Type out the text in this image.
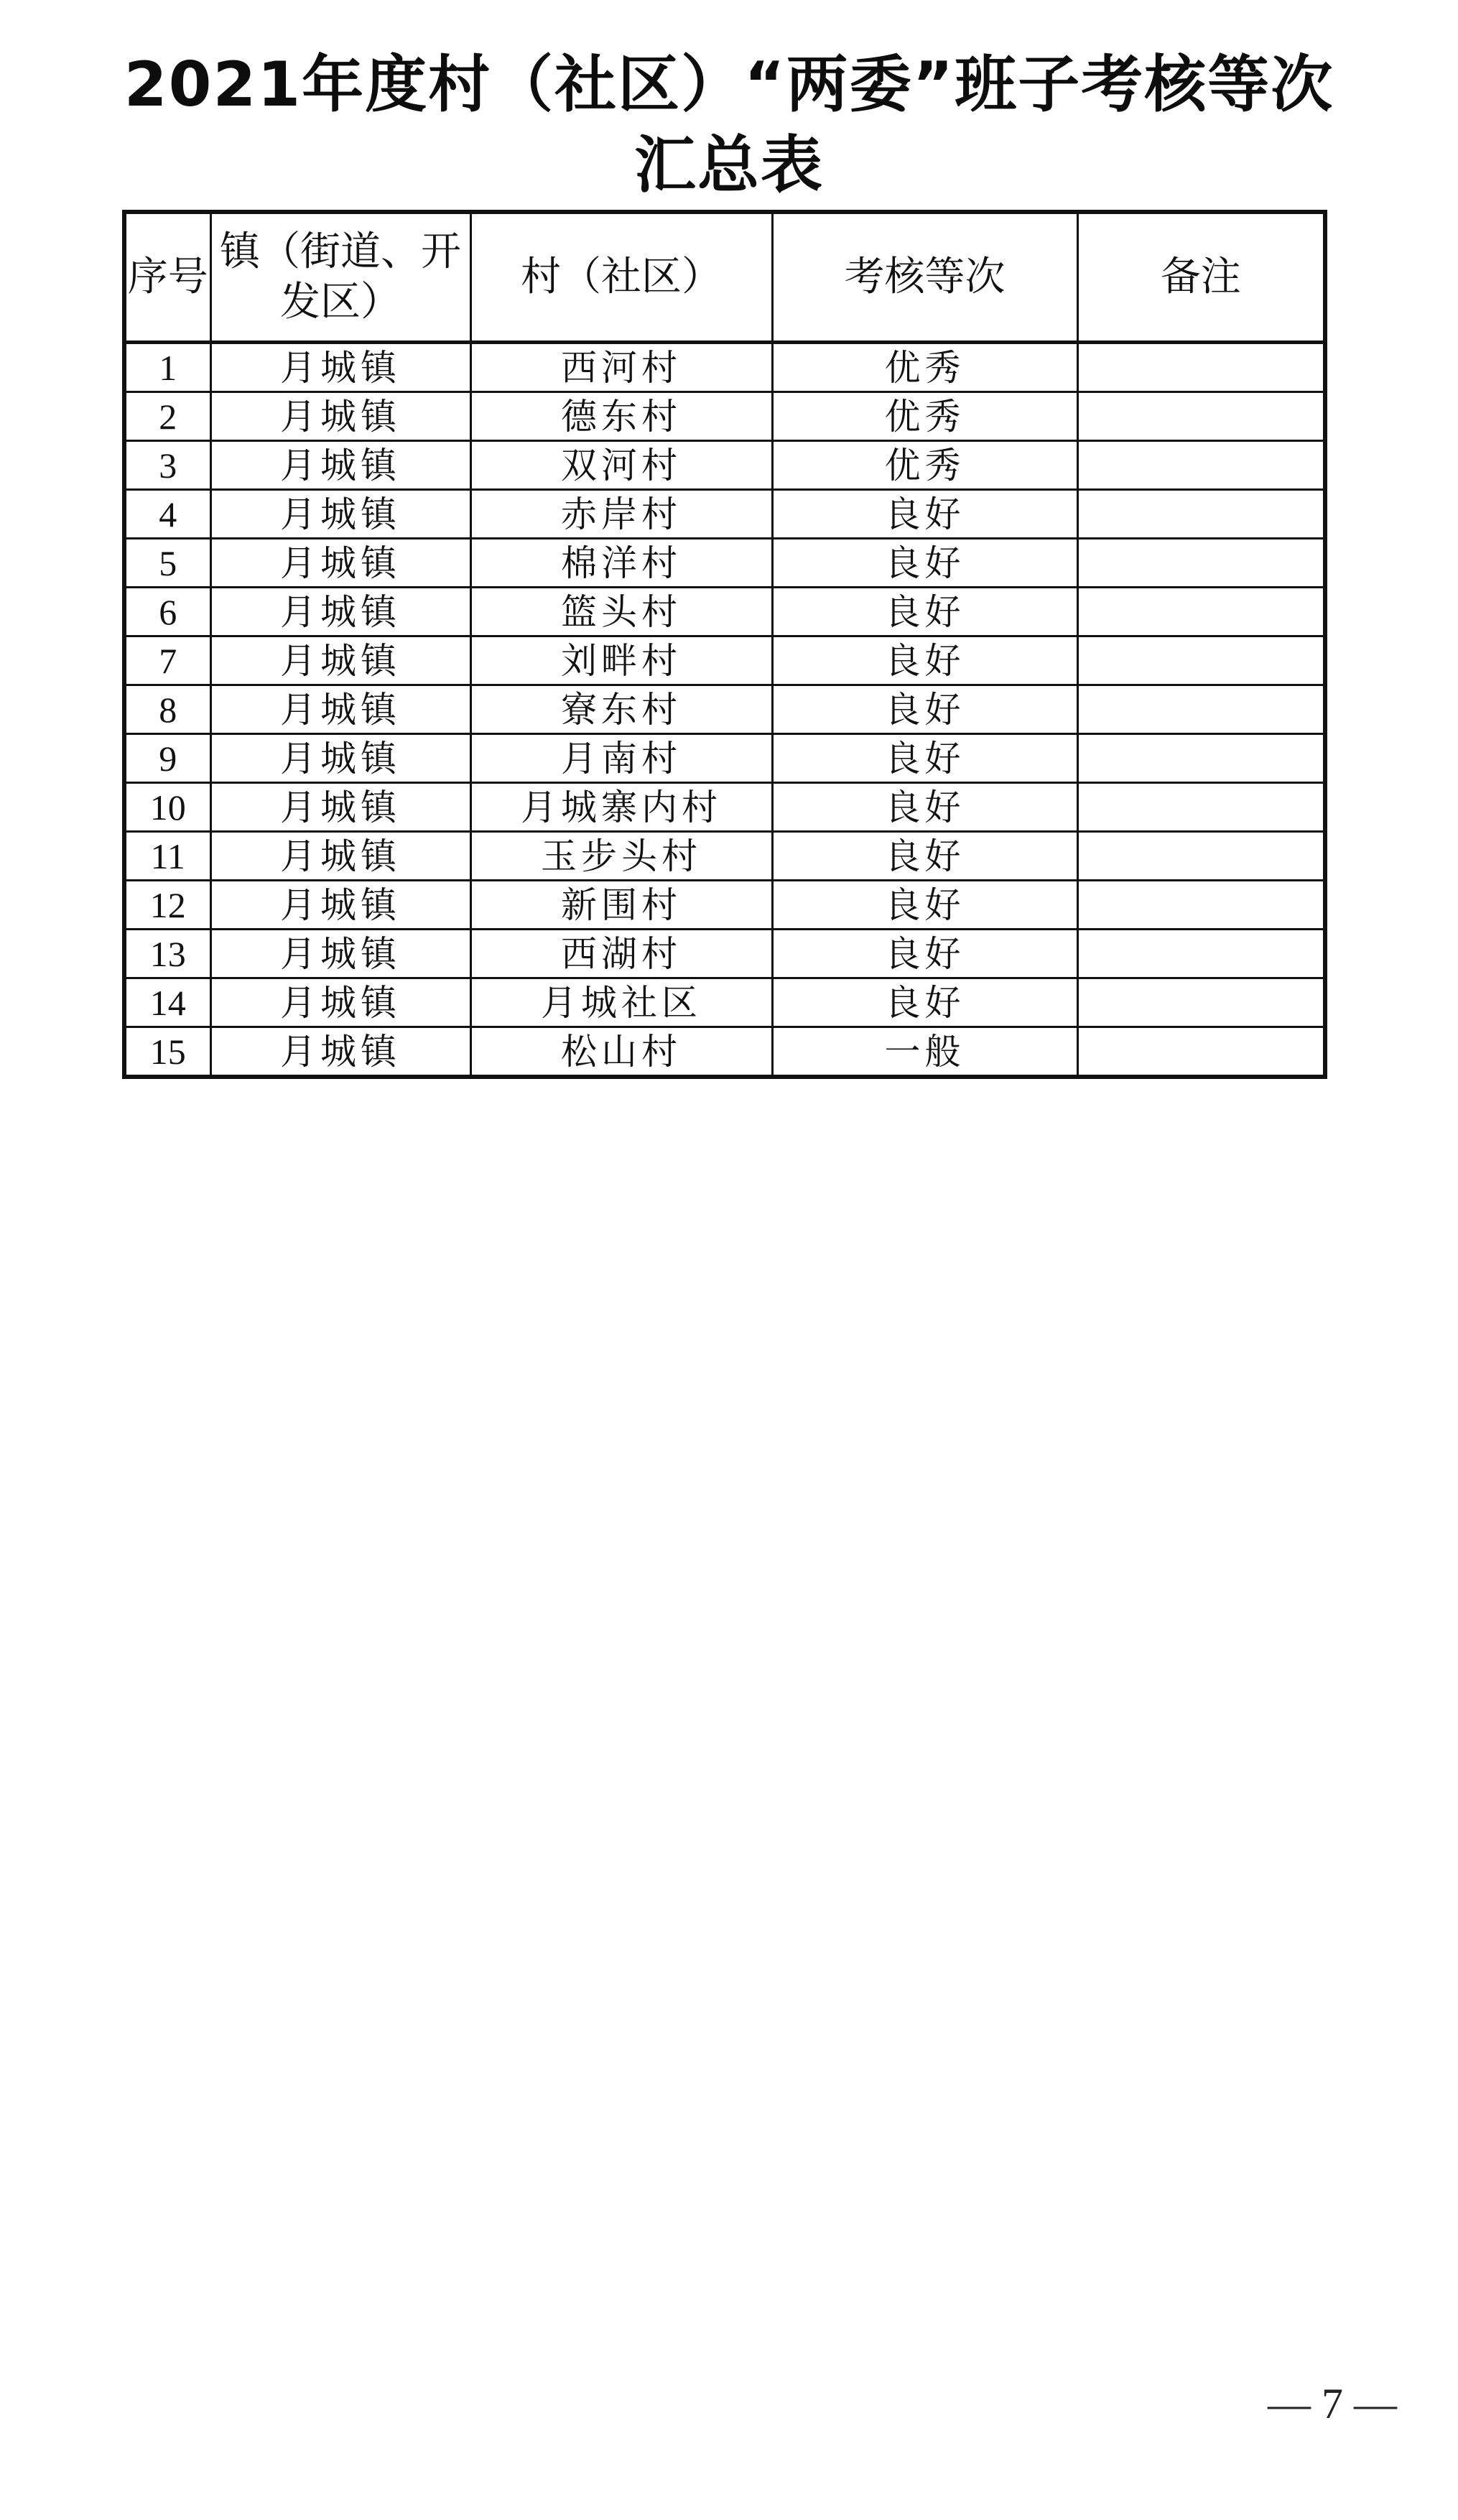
2021年度村（社区）“两委”班子考核等次
汇总表
序号	镇（街道、开发区）	村（社区）	考核等次	备注
1	月城镇	西河村	优秀	
2	月城镇	德东村	优秀	
3	月城镇	双河村	优秀	
4	月城镇	赤岸村	良好	
5	月城镇	棉洋村	良好	
6	月城镇	篮头村	良好	
7	月城镇	刘畔村	良好	
8	月城镇	寮东村	良好	
9	月城镇	月南村	良好	
10	月城镇	月城寨内村	良好	
11	月城镇	玉步头村	良好	
12	月城镇	新围村	良好	
13	月城镇	西湖村	良好	
14	月城镇	月城社区	良好	
15	月城镇	松山村	一般	
— 7 —
